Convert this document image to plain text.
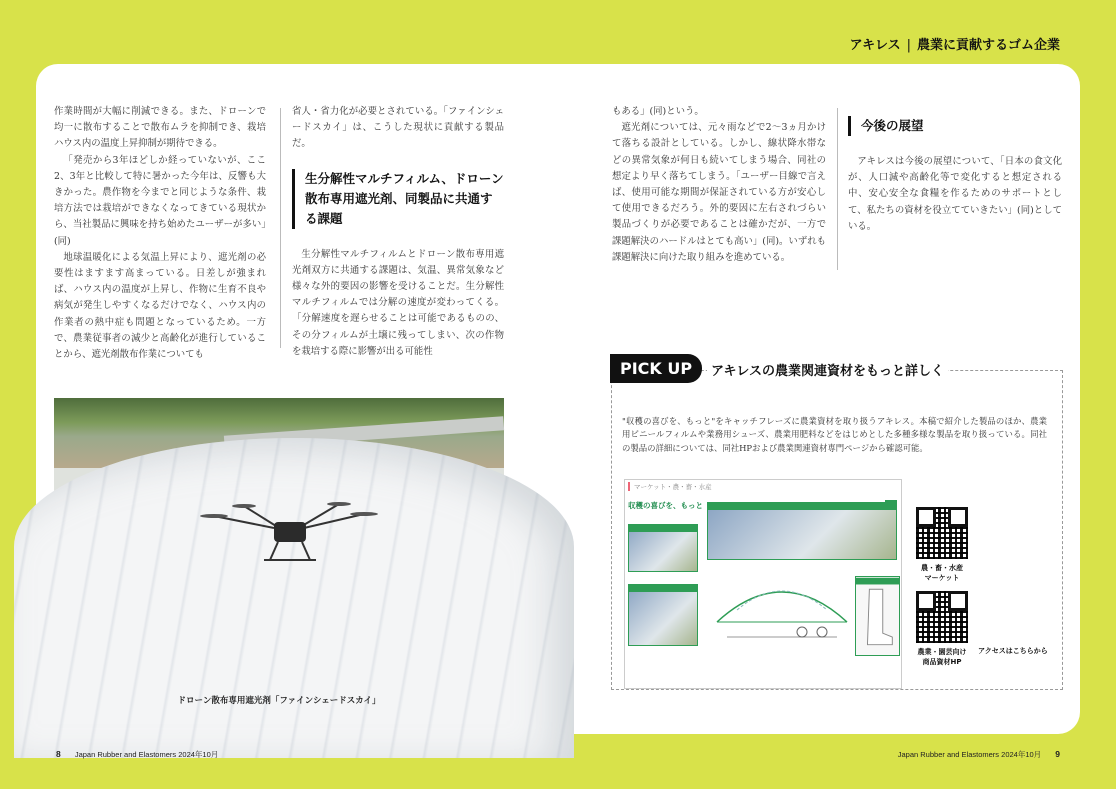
アキレス | 農業に貢献するゴム企業

作業時間が大幅に削減できる。また、ドローンで均一に散布することで散布ムラを抑制でき、栽培ハウス内の温度上昇抑制が期待できる。

「発売から3年ほどしか経っていないが、ここ2、3年と比較して特に暑かった今年は、反響も大きかった。農作物を今までと同じような条件、栽培方法では栽培ができなくなってきている現状から、当社製品に興味を持ち始めたユーザーが多い」(同)

地球温暖化による気温上昇により、遮光剤の必要性はますます高まっている。日差しが強まれば、ハウス内の温度が上昇し、作物に生育不良や病気が発生しやすくなるだけでなく、ハウス内の作業者の熱中症も問題となっているため。一方で、農業従事者の減少と高齢化が進行していることから、遮光剤散布作業についても

省人・省力化が必要とされている。「ファインシェードスカイ」は、こうした現状に貢献する製品だ。

生分解性マルチフィルム、ドローン散布専用遮光剤、同製品に共通する課題

生分解性マルチフィルムとドローン散布専用遮光剤双方に共通する課題は、気温、異常気象など様々な外的要因の影響を受けることだ。生分解性マルチフィルムでは分解の速度が変わってくる。「分解速度を遅らせることは可能であるものの、その分フィルムが土壌に残ってしまい、次の作物を栽培する際に影響が出る可能性

もある」(同)という。

遮光剤については、元々雨などで2〜3ヵ月かけて落ちる設計としている。しかし、線状降水帯などの異常気象が何日も続いてしまう場合、同社の想定より早く落ちてしまう。「ユーザー目線で言えば、使用可能な期間が保証されている方が安心して使用できるだろう。外的要因に左右されづらい製品づくりが必要であることは確かだが、一方で課題解決のハードルはとても高い」(同)。いずれも課題解決に向けた取り組みを進めている。

今後の展望

アキレスは今後の展望について、「日本の食文化が、人口減や高齢化等で変化すると想定される中、安心安全な食糧を作るためのサポートとして、私たちの資材を役立てていきたい」(同)としている。

ドローン散布専用遮光剤「ファインシェードスカイ」
"収穫の喜びを、もっと"をキャッチフレーズに農業資材を取り扱うアキレス。本稿で紹介した製品のほか、農業用ビニールフィルムや業務用シューズ、農業用肥料などをはじめとした多種多様な製品を取り扱っている。同社の製品の詳細については、同社HPおよび農業関連資材専門ページから確認可能。
マーケット・農・畜・水産
収穫の喜びを、もっと
農・畜・水産
マーケット
農業・園芸向け
商品資材HP
PICK UP	アキレスの農業関連資材をもっと詳しく
アクセスはこちらから
8 Japan Rubber and Elastomers 2024年10月	Japan Rubber and Elastomers 2024年10月 9
